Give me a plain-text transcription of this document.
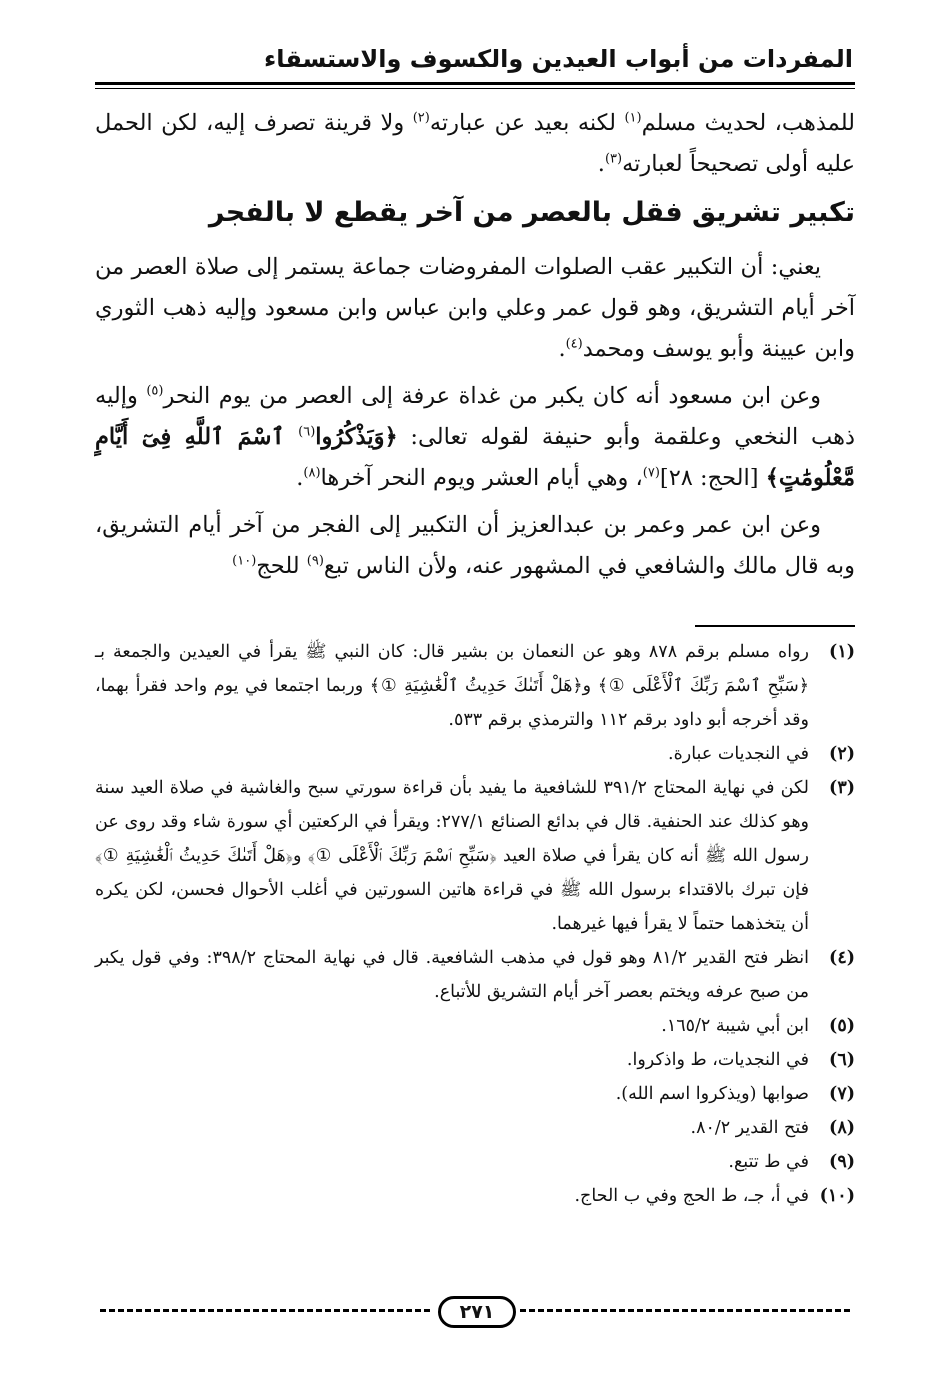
المفردات من أبواب العيدين والكسوف والاستسقاء

للمذهب، لحديث مسلم$^{(١)}$ لكنه بعيد عن عبارته$^{(٢)}$ ولا قرينة تصرف إليه، لكن الحمل عليه أولى تصحيحاً لعبارته$^{(٣)}$.

تكبير تشريق فقل بالعصر من آخر يقطع لا بالفجر

يعني: أن التكبير عقب الصلوات المفروضات جماعة يستمر إلى صلاة العصر من آخر أيام التشريق، وهو قول عمر وعلي وابن عباس وابن مسعود وإليه ذهب الثوري وابن عيينة وأبو يوسف ومحمد$^{(٤)}$.

وعن ابن مسعود أنه كان يكبر من غداة عرفة إلى العصر من يوم النحر$^{(٥)}$ وإليه ذهب النخعي وعلقمة وأبو حنيفة لقوله تعالى: ﴿وَيَذْكُرُوا$^{(٦)}$ ٱسْمَ ٱللَّهِ فِىٓ أَيَّامٍ مَّعْلُومَٰتٍ﴾ [الحج: ٢٨]$^{(٧)}$، وهي أيام العشر ويوم النحر آخرها$^{(٨)}$.

وعن ابن عمر وعمر بن عبدالعزيز أن التكبير إلى الفجر من آخر أيام التشريق، وبه قال مالك والشافعي في المشهور عنه، ولأن الناس تبع$^{(٩)}$ للحج$^{(١٠)}$

(١)
رواه مسلم برقم ٨٧٨ وهو عن النعمان بن بشير قال: كان النبي ﷺ يقرأ في العيدين والجمعة بـ ﴿سَبِّحِ ٱسْمَ رَبِّكَ ٱلْأَعْلَى ①﴾ و﴿هَلْ أَتَىٰكَ حَدِيثُ ٱلْغَٰشِيَةِ ①﴾ وربما اجتمعا في يوم واحد فقرأ بهما، وقد أخرجه أبو داود برقم ١١٢ والترمذي برقم ٥٣٣.
(٢)
في النجديات عبارة.
(٣)
لكن في نهاية المحتاج ٣٩١/٢ للشافعية ما يفيد بأن قراءة سورتي سبح والغاشية في صلاة العيد سنة وهو كذلك عند الحنفية. قال في بدائع الصنائع ٢٧٧/١: ويقرأ في الركعتين أي سورة شاء وقد روى عن رسول الله ﷺ أنه كان يقرأ في صلاة العيد ﴿سَبِّحِ ٱسْمَ رَبِّكَ ٱلْأَعْلَى ①﴾ و﴿هَلْ أَتَىٰكَ حَدِيثُ ٱلْغَٰشِيَةِ ①﴾ فإن تبرك بالاقتداء برسول الله ﷺ في قراءة هاتين السورتين في أغلب الأحوال فحسن، لكن يكره أن يتخذهما حتماً لا يقرأ فيها غيرهما.
(٤)
انظر فتح القدير ٨١/٢ وهو قول في مذهب الشافعية. قال في نهاية المحتاج ٣٩٨/٢: وفي قول يكبر من صبح عرفه ويختم بعصر آخر أيام التشريق للأتباع.
(٥)
ابن أبي شيبة ١٦٥/٢.
(٦)
في النجديات، ط واذكروا.
(٧)
صوابها (ويذكروا اسم الله).
(٨)
فتح القدير ٨٠/٢.
(٩)
في ط تتبع.
(١٠)
في أ، جـ، ط الحج وفي ب الحاج.
٢٧١
